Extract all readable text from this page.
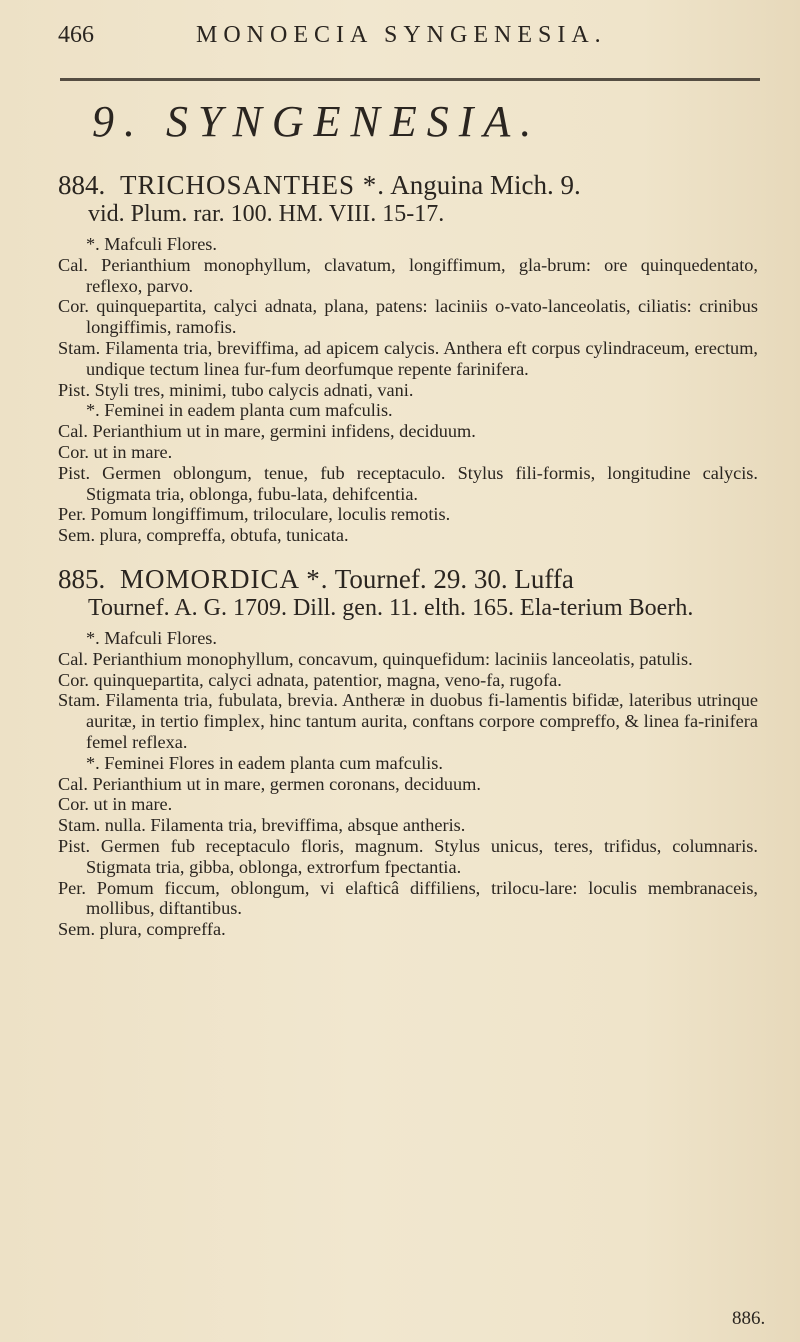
466	MONOECIA SYNGENESIA.
9. SYNGENESIA.
884. TRICHOSANTHES *. Anguina Mich. 9.
vid. Plum. rar. 100. HM. VIII. 15-17.

*. Mafculi Flores.

Cal. Perianthium monophyllum, clavatum, longiffimum, gla-brum: ore quinquedentato, reflexo, parvo.

Cor. quinquepartita, calyci adnata, plana, patens: laciniis o-vato-lanceolatis, ciliatis: crinibus longiffimis, ramofis.

Stam. Filamenta tria, breviffima, ad apicem calycis. Anthera eft corpus cylindraceum, erectum, undique tectum linea fur-fum deorfumque repente farinifera.

Pist. Styli tres, minimi, tubo calycis adnati, vani.

*. Feminei in eadem planta cum mafculis.

Cal. Perianthium ut in mare, germini infidens, deciduum.

Cor. ut in mare.

Pist. Germen oblongum, tenue, fub receptaculo. Stylus fili-formis, longitudine calycis. Stigmata tria, oblonga, fubu-lata, dehifcentia.

Per. Pomum longiffimum, triloculare, loculis remotis.

Sem. plura, compreffa, obtufa, tunicata.

885. MOMORDICA *. Tournef. 29. 30. Luffa
Tournef. A. G. 1709. Dill. gen. 11. elth. 165. Ela-terium Boerh.

*. Mafculi Flores.

Cal. Perianthium monophyllum, concavum, quinquefidum: laciniis lanceolatis, patulis.

Cor. quinquepartita, calyci adnata, patentior, magna, veno-fa, rugofa.

Stam. Filamenta tria, fubulata, brevia. Antheræ in duobus fi-lamentis bifidæ, lateribus utrinque auritæ, in tertio fimplex, hinc tantum aurita, conftans corpore compreffo, & linea fa-rinifera femel reflexa.

*. Feminei Flores in eadem planta cum mafculis.

Cal. Perianthium ut in mare, germen coronans, deciduum.

Cor. ut in mare.

Stam. nulla. Filamenta tria, breviffima, absque antheris.

Pist. Germen fub receptaculo floris, magnum. Stylus unicus, teres, trifidus, columnaris. Stigmata tria, gibba, oblonga, extrorfum fpectantia.

Per. Pomum ficcum, oblongum, vi elafticâ diffiliens, trilocu-lare: loculis membranaceis, mollibus, diftantibus.

Sem. plura, compreffa.

886.
